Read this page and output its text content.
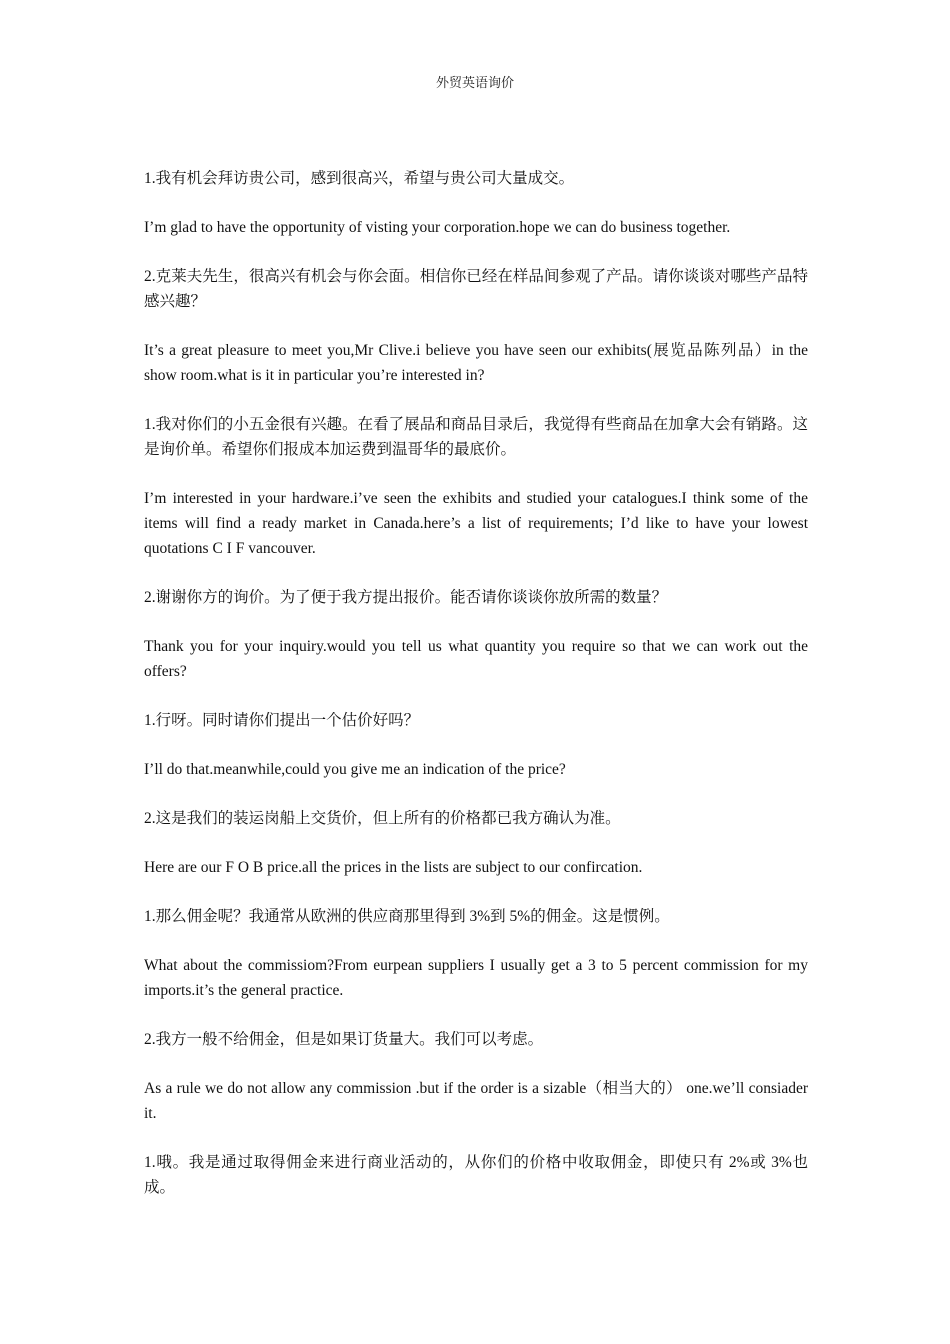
外贸英语询价

1.我有机会拜访贵公司，感到很高兴，希望与贵公司大量成交。

I’m glad to have the opportunity of visting your corporation.hope we can do business together.

2.克莱夫先生，很高兴有机会与你会面。相信你已经在样品间参观了产品。请你谈谈对哪些产品特感兴趣？

It’s a great pleasure to meet you,Mr Clive.i believe you have seen our exhibits(展览品陈列品）in the show room.what is it in particular you’re interested in?

1.我对你们的小五金很有兴趣。在看了展品和商品目录后，我觉得有些商品在加拿大会有销路。这是询价单。希望你们报成本加运费到温哥华的最底价。

I’m interested in your hardware.i’ve seen the exhibits and studied your catalogues.I think some of the items will find a ready market in Canada.here’s a list of requirements; I’d like to have your lowest quotations C I F vancouver.

2.谢谢你方的询价。为了便于我方提出报价。能否请你谈谈你放所需的数量？

Thank you for your inquiry.would you tell us what quantity you require so that we can work out the offers?

1.行呀。同时请你们提出一个估价好吗？

I’ll do that.meanwhile,could you give me an indication of the price?

2.这是我们的装运岗船上交货价，但上所有的价格都已我方确认为准。

Here are our F O B price.all the prices in the lists are subject to our confircation.

1.那么佣金呢？我通常从欧洲的供应商那里得到 3%到 5%的佣金。这是惯例。

What about the commissiom?From eurpean suppliers I usually get a 3 to 5 percent commission for my imports.it’s the general practice.

2.我方一般不给佣金，但是如果订货量大。我们可以考虑。

As a rule we do not allow any commission .but if the order is a sizable（相当大的） one.we’ll consiader it.

1.哦。我是通过取得佣金来进行商业活动的，从你们的价格中收取佣金，即使只有 2%或 3%也成。
